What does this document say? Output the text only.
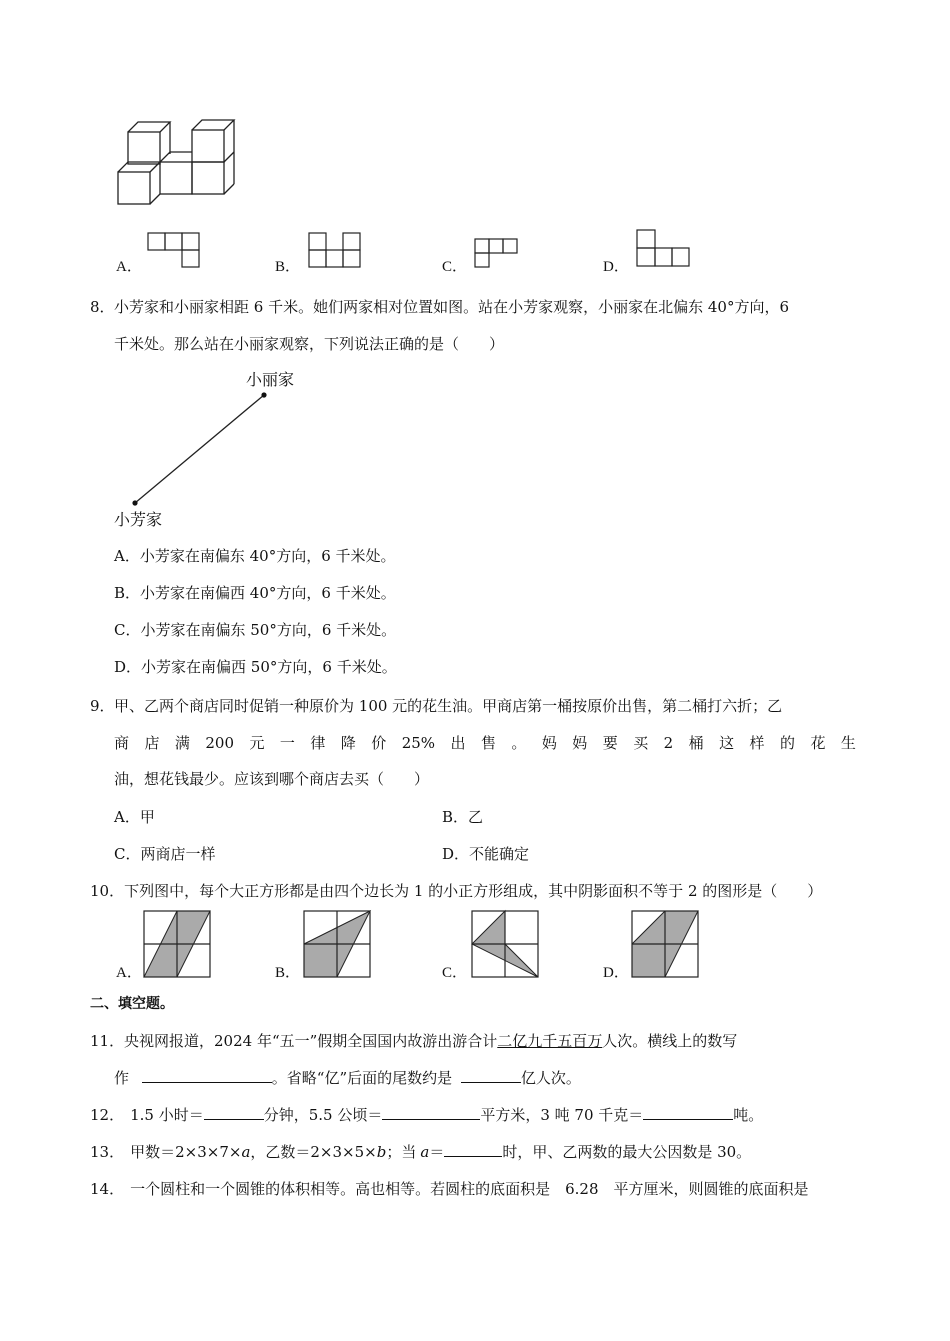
A．	B．	C．	D．
8． 小芳家和小丽家相距 6 千米。她们两家相对位置如图。站在小芳家观察，小丽家在北偏东 40°方向，6
千米处。那么站在小丽家观察，下列说法正确的是（　　）
小丽家
小芳家
A．小芳家在南偏东 40°方向，6 千米处。
B．小芳家在南偏西 40°方向，6 千米处。
C．小芳家在南偏东 50°方向，6 千米处。
D．小芳家在南偏西 50°方向，6 千米处。
9． 甲、乙两个商店同时促销一种原价为 100 元的花生油。甲商店第一桶按原价出售，第二桶打六折；乙
商 店 满 200 元 一 律 降 价 25% 出 售 。 妈 妈 要 买 2 桶 这 样 的 花 生
油，想花钱最少。应该到哪个商店去买（　　）
A．甲	B．乙
C．两商店一样	D．不能确定
10．下列图中，每个大正方形都是由四个边长为 1 的小正方形组成，其中阴影面积不等于 2 的图形是（　　）
A．	B．	C．	D．
二、填空题。
11． 央视网报道，2024 年“五一”假期全国国内故游出游合计二亿九千五百万人次。横线上的数写
作	。省略“亿”后面的尾数约是	亿人次。
12． 1.5 小时＝	分钟，5.5 公顷＝	平方米，3 吨 70 千克＝	吨。
13． 甲数＝2×3×7×a，乙数＝2×3×5×b；当 a＝	时，甲、乙两数的最大公因数是 30。
14． 一个圆柱和一个圆锥的体积相等。高也相等。若圆柱的底面积是　6.28　平方厘米，则圆锥的底面积是
